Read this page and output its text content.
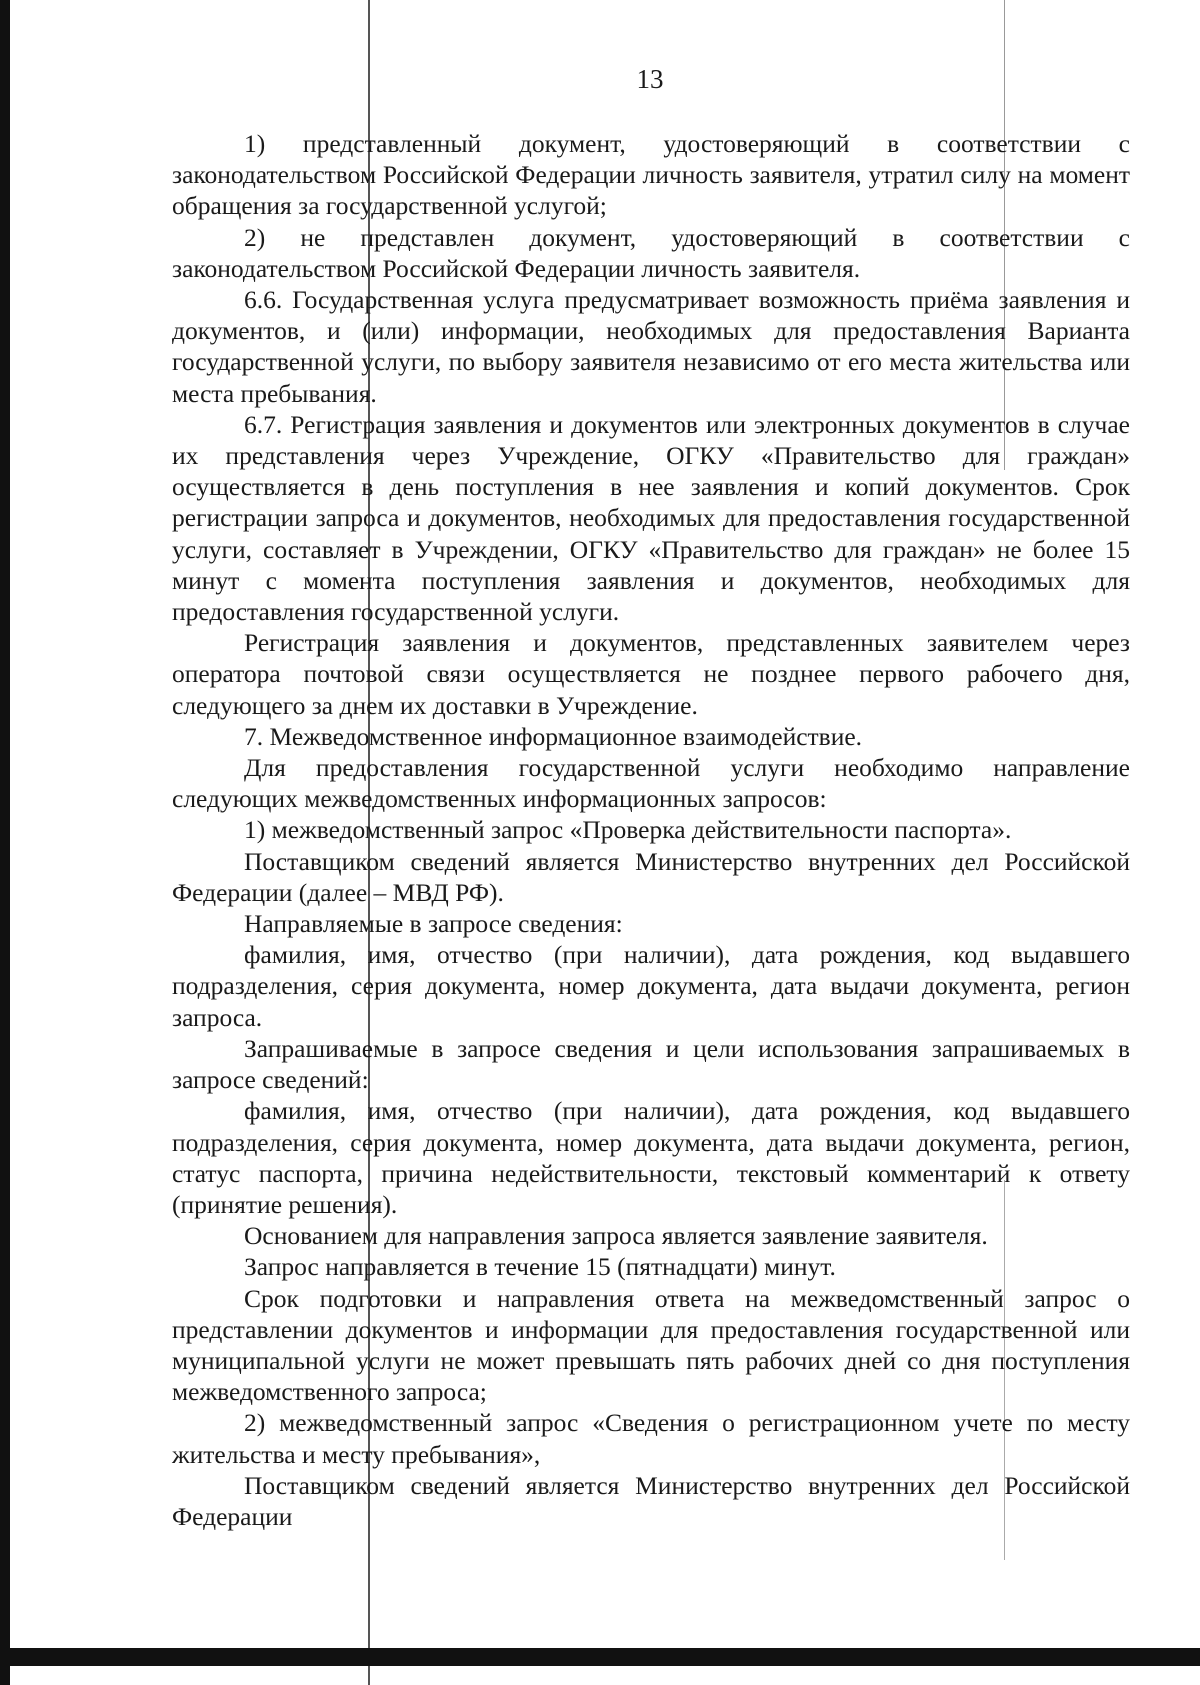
13

1) представленный документ, удостоверяющий в соответствии с законодательством Российской Федерации личность заявителя, утратил силу на момент обращения за государственной услугой;

2) не представлен документ, удостоверяющий в соответствии с законодательством Российской Федерации личность заявителя.

6.6. Государственная услуга предусматривает возможность приёма заявления и документов, и (или) информации, необходимых для предоставления Варианта государственной услуги, по выбору заявителя независимо от его места жительства или места пребывания.

6.7. Регистрация заявления и документов или электронных документов в случае их представления через Учреждение, ОГКУ «Правительство для граждан» осуществляется в день поступления в нее заявления и копий документов. Срок регистрации запроса и документов, необходимых для предоставления государственной услуги, составляет в Учреждении, ОГКУ «Правительство для граждан» не более 15 минут с момента поступления заявления и документов, необходимых для предоставления государственной услуги.

Регистрация заявления и документов, представленных заявителем через оператора почтовой связи осуществляется не позднее первого рабочего дня, следующего за днем их доставки в Учреждение.

7. Межведомственное информационное взаимодействие.

Для предоставления государственной услуги необходимо направление следующих межведомственных информационных запросов:

1) межведомственный запрос «Проверка действительности паспорта».

Поставщиком сведений является Министерство внутренних дел Российской Федерации (далее – МВД РФ).

Направляемые в запросе сведения:

фамилия, имя, отчество (при наличии), дата рождения, код выдавшего подразделения, серия документа, номер документа, дата выдачи документа, регион запроса.

Запрашиваемые в запросе сведения и цели использования запрашиваемых в запросе сведений:

фамилия, имя, отчество (при наличии), дата рождения, код выдавшего подразделения, серия документа, номер документа, дата выдачи документа, регион, статус паспорта, причина недействительности, текстовый комментарий к ответу (принятие решения).

Основанием для направления запроса является заявление заявителя.

Запрос направляется в течение 15 (пятнадцати) минут.

Срок подготовки и направления ответа на межведомственный запрос о представлении документов и информации для предоставления государственной или муниципальной услуги не может превышать пять рабочих дней со дня поступления межведомственного запроса;

2) межведомственный запрос «Сведения о регистрационном учете по месту жительства и месту пребывания»,

Поставщиком сведений является Министерство внутренних дел Российской Федерации
